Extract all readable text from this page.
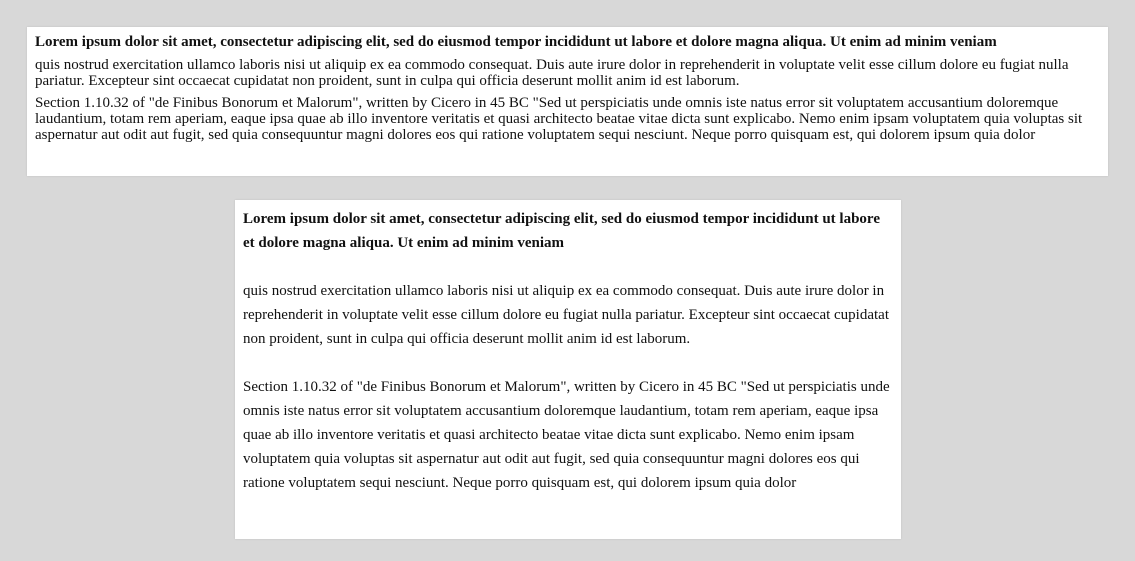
Lorem ipsum dolor sit amet, consectetur adipiscing elit, sed do eiusmod tempor incididunt ut labore et dolore magna aliqua. Ut enim ad minim veniam

quis nostrud exercitation ullamco laboris nisi ut aliquip ex ea commodo consequat. Duis aute irure dolor in reprehenderit in voluptate velit esse cillum dolore eu fugiat nulla pariatur. Excepteur sint occaecat cupidatat non proident, sunt in culpa qui officia deserunt mollit anim id est laborum.

Section 1.10.32 of "de Finibus Bonorum et Malorum", written by Cicero in 45 BC "Sed ut perspiciatis unde omnis iste natus error sit voluptatem accusantium doloremque laudantium, totam rem aperiam, eaque ipsa quae ab illo inventore veritatis et quasi architecto beatae vitae dicta sunt explicabo. Nemo enim ipsam voluptatem quia voluptas sit aspernatur aut odit aut fugit, sed quia consequuntur magni dolores eos qui ratione voluptatem sequi nesciunt. Neque porro quisquam est, qui dolorem ipsum quia dolor

Lorem ipsum dolor sit amet, consectetur adipiscing elit, sed do eiusmod tempor incididunt ut labore et dolore magna aliqua. Ut enim ad minim veniam

quis nostrud exercitation ullamco laboris nisi ut aliquip ex ea commodo consequat. Duis aute irure dolor in reprehenderit in voluptate velit esse cillum dolore eu fugiat nulla pariatur. Excepteur sint occaecat cupidatat non proident, sunt in culpa qui officia deserunt mollit anim id est laborum.

Section 1.10.32 of "de Finibus Bonorum et Malorum", written by Cicero in 45 BC "Sed ut perspiciatis unde omnis iste natus error sit voluptatem accusantium doloremque laudantium, totam rem aperiam, eaque ipsa quae ab illo inventore veritatis et quasi architecto beatae vitae dicta sunt explicabo. Nemo enim ipsam voluptatem quia voluptas sit aspernatur aut odit aut fugit, sed quia consequuntur magni dolores eos qui ratione voluptatem sequi nesciunt. Neque porro quisquam est, qui dolorem ipsum quia dolor
